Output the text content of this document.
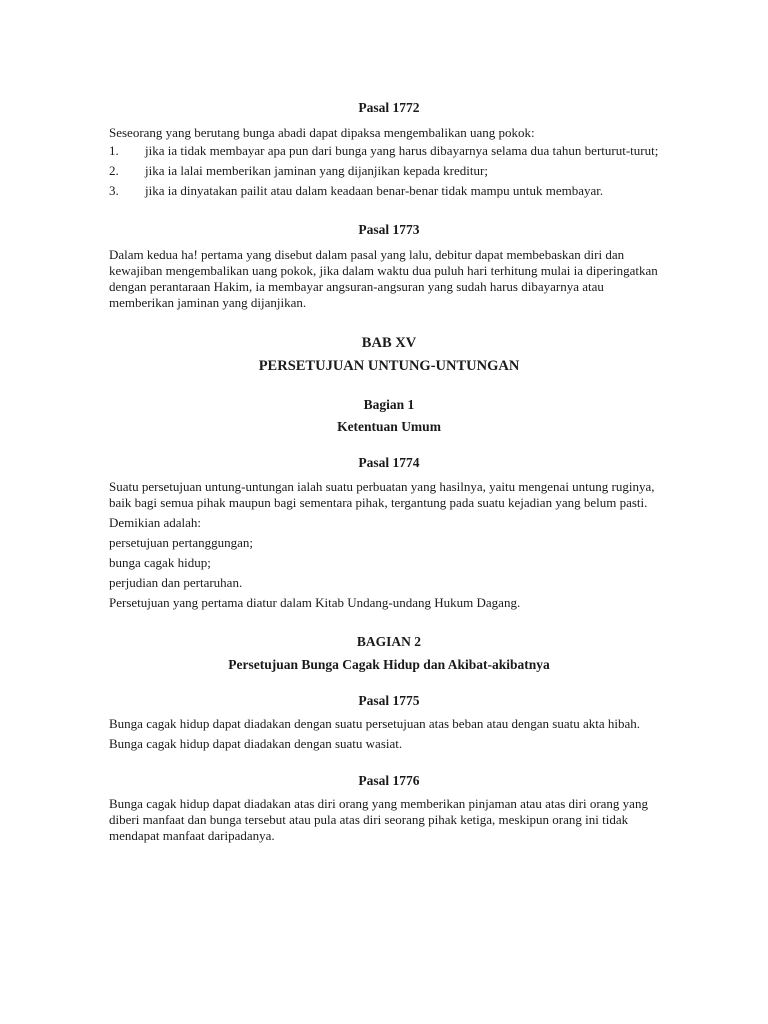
Pasal 1772

Seseorang yang berutang bunga abadi dapat dipaksa mengembalikan uang pokok:

1.	jika ia tidak membayar apa pun dari bunga yang harus dibayarnya selama dua tahun berturut-turut;
2.	jika ia lalai memberikan jaminan yang dijanjikan kepada kreditur;
3.	jika ia dinyatakan pailit atau dalam keadaan benar-benar tidak mampu untuk membayar.

Pasal 1773

Dalam kedua ha! pertama yang disebut dalam pasal yang lalu, debitur dapat membebaskan diri dan kewajiban mengembalikan uang pokok, jika dalam waktu dua puluh hari terhitung mulai ia diperingatkan dengan perantaraan Hakim, ia membayar angsuran-angsuran yang sudah harus dibayarnya atau memberikan jaminan yang dijanjikan.

BAB XV

PERSETUJUAN UNTUNG-UNTUNGAN

Bagian 1

Ketentuan Umum

Pasal 1774

Suatu persetujuan untung-untungan ialah suatu perbuatan yang hasilnya, yaitu mengenai untung ruginya, baik bagi semua pihak maupun bagi sementara pihak, tergantung pada suatu kejadian yang belum pasti.

Demikian adalah:

persetujuan pertanggungan;

bunga cagak hidup;

perjudian dan pertaruhan.

Persetujuan yang pertama diatur dalam Kitab Undang-undang Hukum Dagang.

BAGIAN 2

Persetujuan Bunga Cagak Hidup dan Akibat-akibatnya

Pasal 1775

Bunga cagak hidup dapat diadakan dengan suatu persetujuan atas beban atau dengan suatu akta hibah.

Bunga cagak hidup dapat diadakan dengan suatu wasiat.

Pasal 1776

Bunga cagak hidup dapat diadakan atas diri orang yang memberikan pinjaman atau atas diri orang yang diberi manfaat dan bunga tersebut atau pula atas diri seorang pihak ketiga, meskipun orang ini tidak mendapat manfaat daripadanya.
